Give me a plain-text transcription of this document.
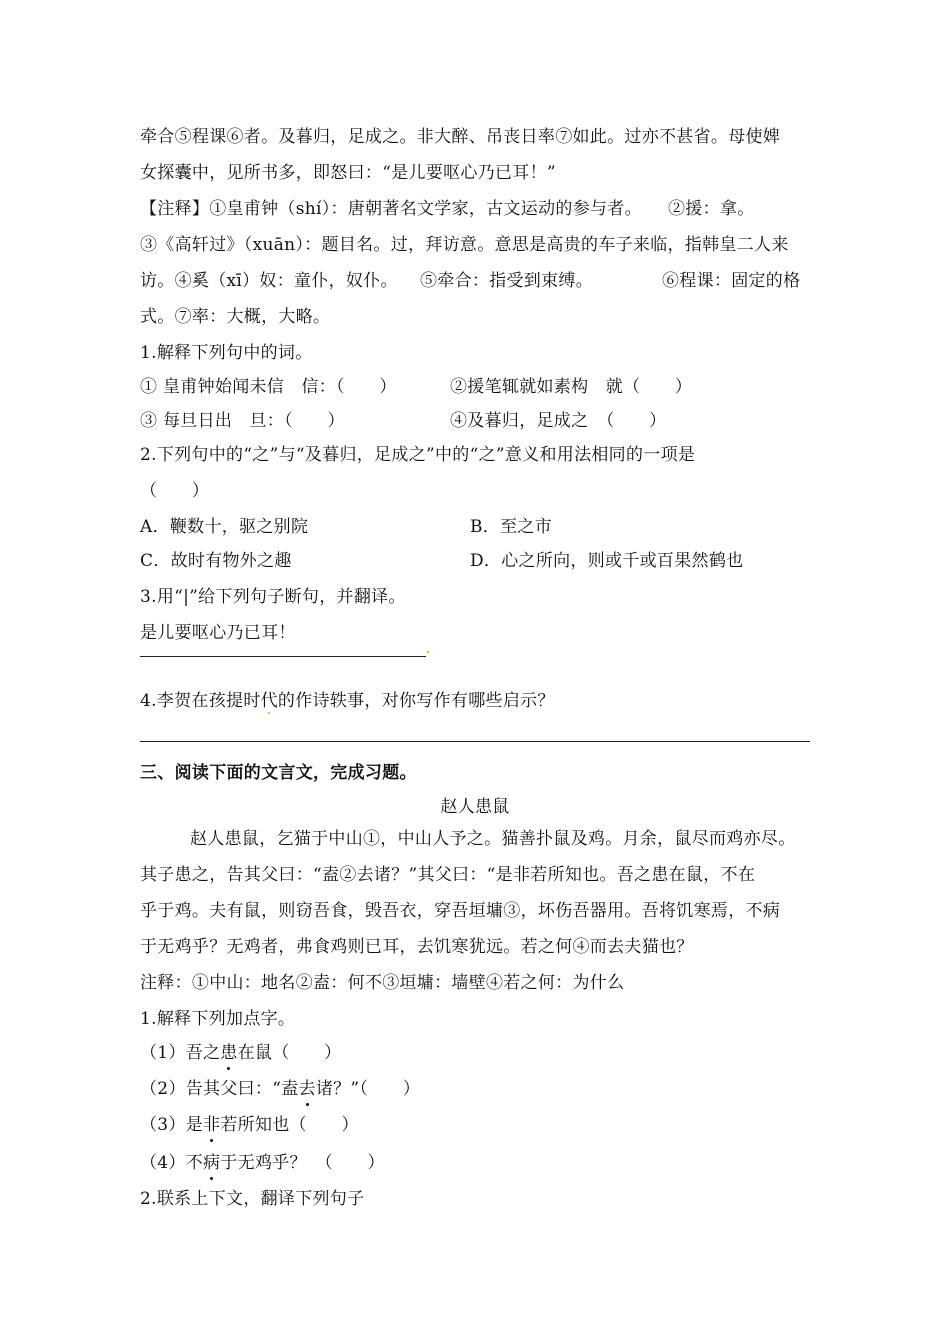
牵合⑤程课⑥者。及暮归，足成之。非大醉、吊丧日率⑦如此。过亦不甚省。母使婢
女探囊中，见所书多，即怒曰：“是儿要呕心乃已耳！”
【注释】①皇甫钟（shí）：唐朝著名文学家，古文运动的参与者。　　②援：拿。
③《高轩过》（xuān）：题目名。过，拜访意。意思是高贵的车子来临，指韩皇二人来
访。④奚（xī）奴：童仆，奴仆。 ⑤牵合：指受到束缚。	⑥程课：固定的格
式。⑦率：大概，大略。
1.解释下列句中的词。
① 皇甫钟始闻未信　信：（　　）	②援笔辄就如素构　就（　　）
③ 每旦日出　旦：（　　）	④及暮归，足成之　（　　）
2.下列句中的“之”与“及暮归，足成之”中的“之”意义和用法相同的一项是
（　　）
A．鞭数十，驱之别院	B．至之市
C．故时有物外之趣	D．心之所向，则或千或百果然鹤也
3.用“|”给下列句子断句，并翻译。
是儿要呕心乃已耳！
4.李贺在孩提时代的作诗轶事，对你写作有哪些启示？
三、阅读下面的文言文，完成习题。
赵人患鼠
赵人患鼠，乞猫于中山①，中山人予之。猫善扑鼠及鸡。月余，鼠尽而鸡亦尽。
其子患之，告其父曰：“盍②去诸？”其父曰：“是非若所知也。吾之患在鼠，不在
乎于鸡。夫有鼠，则窃吾食，毁吾衣，穿吾垣墉③，坏伤吾器用。吾将饥寒焉，不病
于无鸡乎？无鸡者，弗食鸡则已耳，去饥寒犹远。若之何④而去夫猫也？
注释：①中山：地名②盍：何不③垣墉：墙壁④若之何：为什么
1.解释下列加点字。
（1）吾之患在鼠（　　）
（2）告其父曰：“盍去诸？”（　　）
（3）是非若所知也（　　）
（4）不病于无鸡乎？　（　　）
2.联系上下文，翻译下列句子
